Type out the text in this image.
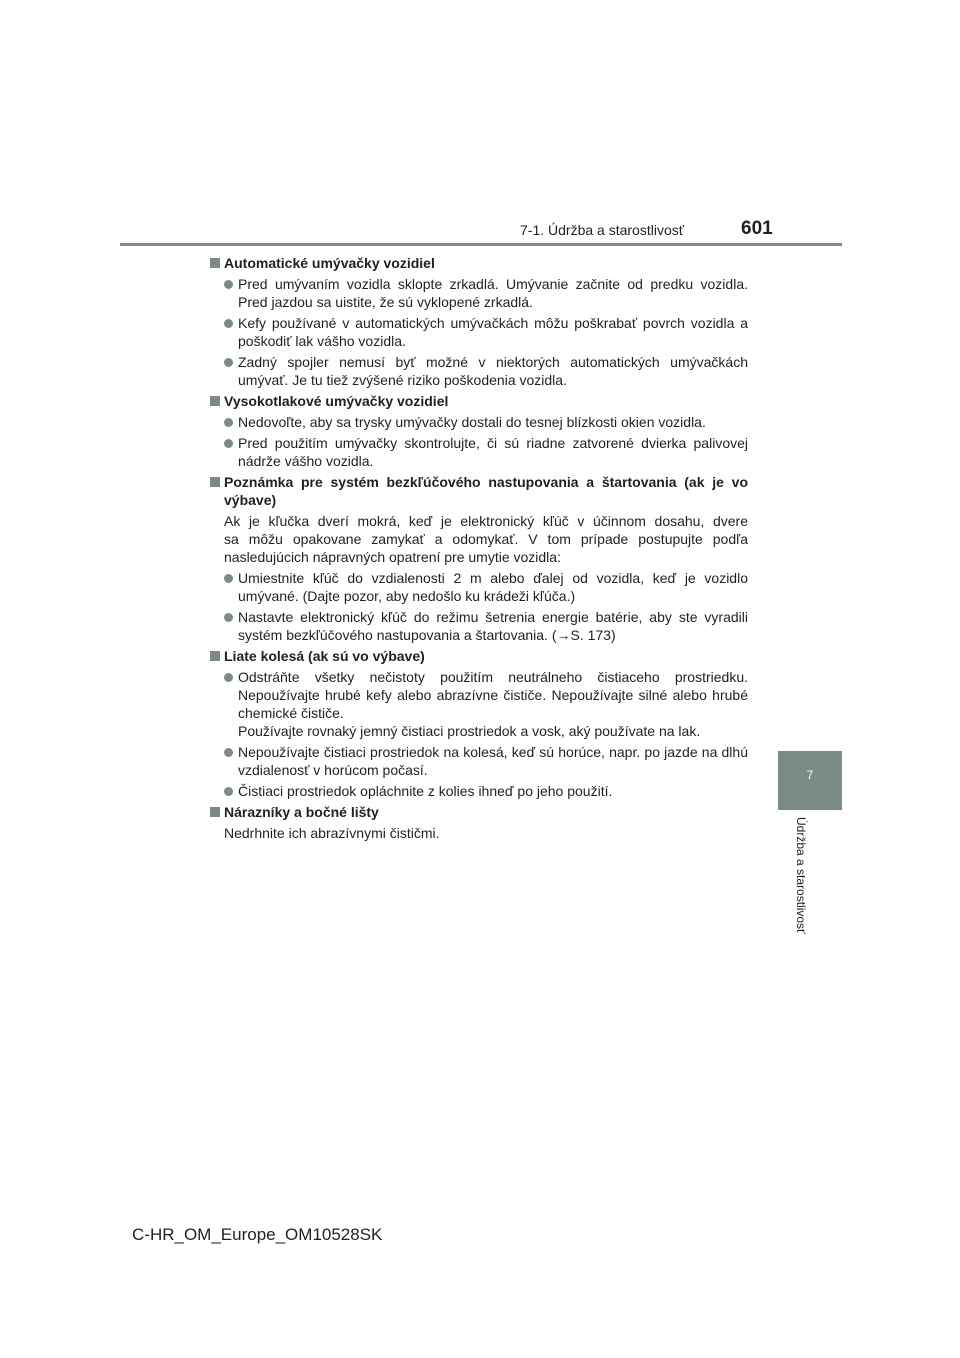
7-1. Údržba a starostlivosť	601
7
Údržba a starostlivosť
Automatické umývačky vozidiel
Pred umývaním vozidla sklopte zrkadlá. Umývanie začnite od predku vozidla. Pred jazdou sa uistite, že sú vyklopené zrkadlá.
Kefy používané v automatických umývačkách môžu poškrabať povrch vozidla a poškodiť lak vášho vozidla.
Zadný spojler nemusí byť možné v niektorých automatických umývačkách umývať. Je tu tiež zvýšené riziko poškodenia vozidla.
Vysokotlakové umývačky vozidiel
Nedovoľte, aby sa trysky umývačky dostali do tesnej blízkosti okien vozidla.
Pred použitím umývačky skontrolujte, či sú riadne zatvorené dvierka palivovej nádrže vášho vozidla.
Poznámka pre systém bezkľúčového nastupovania a štartovania (ak je vo výbave)
Ak je kľučka dverí mokrá, keď je elektronický kľúč v účinnom dosahu, dvere
sa môžu opakovane zamykať a odomykať. V tom prípade postupujte podľa
nasledujúcich nápravných opatrení pre umytie vozidla:
Umiestnite kľúč do vzdialenosti 2 m alebo ďalej od vozidla, keď je vozidlo umývané. (Dajte pozor, aby nedošlo ku krádeži kľúča.)
Nastavte elektronický kľúč do režimu šetrenia energie batérie, aby ste vyradili systém bezkľúčového nastupovania a štartovania. (→S. 173)
Liate kolesá (ak sú vo výbave)
Odstráňte všetky nečistoty použitím neutrálneho čistiaceho prostriedku. Nepoužívajte hrubé kefy alebo abrazívne čističe. Nepoužívajte silné alebo hrubé chemické čističe.
Používajte rovnaký jemný čistiaci prostriedok a vosk, aký používate na lak.
Nepoužívajte čistiaci prostriedok na kolesá, keď sú horúce, napr. po jazde na dlhú vzdialenosť v horúcom počasí.
Čistiaci prostriedok opláchnite z kolies ihneď po jeho použití.
Nárazníky a bočné lišty
Nedrhnite ich abrazívnymi čističmi.
C-HR_OM_Europe_OM10528SK
